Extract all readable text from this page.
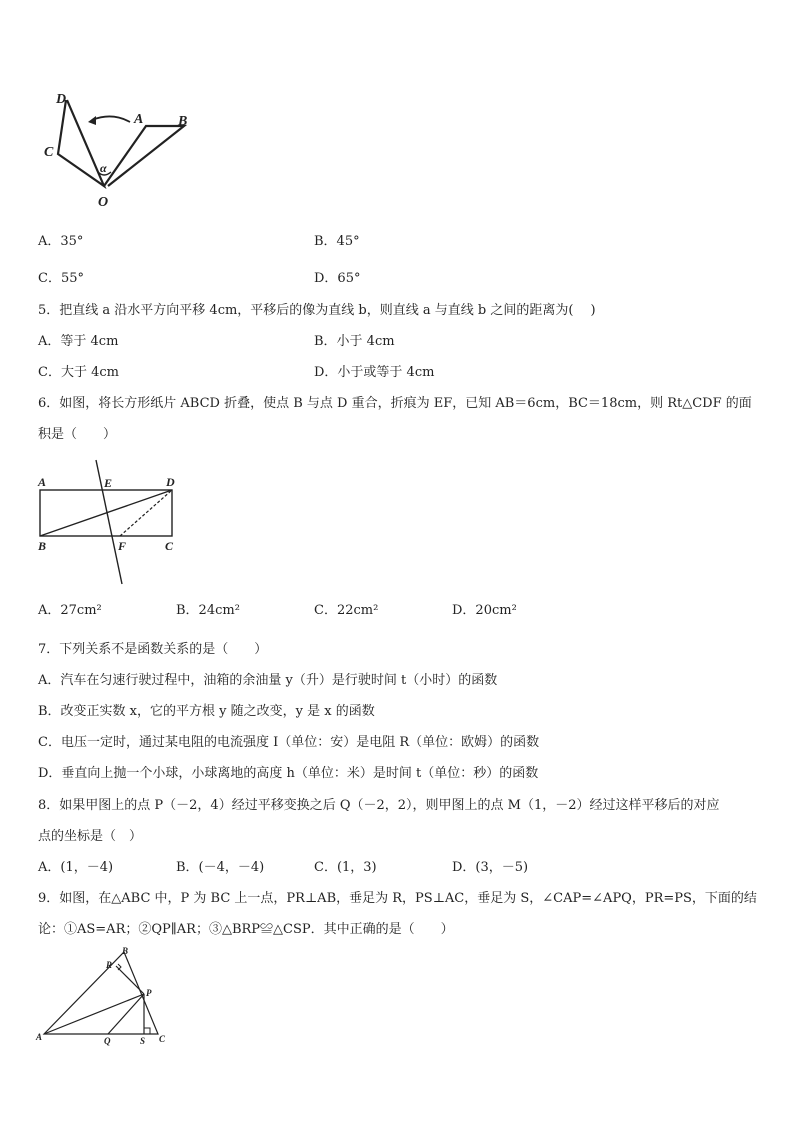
D
A B
C
O
α
A．35°	B．45°
C．55°	D．65°
5．把直线 a 沿水平方向平移 4cm，平移后的像为直线 b，则直线 a 与直线 b 之间的距离为(　 )
A．等于 4cm	B．小于 4cm
C．大于 4cm	D．小于或等于 4cm
6．如图，将长方形纸片 ABCD 折叠，使点 B 与点 D 重合，折痕为 EF，已知 AB＝6cm，BC＝18cm，则 Rt△CDF 的面
积是（　　）
A	E	D
B	F	C
A．27cm²	B．24cm²	C．22cm²	D．20cm²
7．下列关系不是函数关系的是（　　）
A．汽车在匀速行驶过程中，油箱的余油量 y（升）是行驶时间 t（小时）的函数
B．改变正实数 x，它的平方根 y 随之改变，y 是 x 的函数
C．电压一定时，通过某电阻的电流强度 I（单位：安）是电阻 R（单位：欧姆）的函数
D．垂直向上抛一个小球，小球离地的高度 h（单位：米）是时间 t（单位：秒）的函数
8．如果甲图上的点 P（－2，4）经过平移变换之后 Q（－2，2），则甲图上的点 M（1，－2）经过这样平移后的对应
点的坐标是（　）
A．(1，－4)	B．(－4，－4)	C．(1，3)	D．(3，－5)
9．如图，在△ABC 中，P 为 BC 上一点，PR⊥AB，垂足为 R，PS⊥AC，垂足为 S，∠CAP=∠APQ，PR=PS，下面的结
论：①AS=AR；②QP∥AR；③△BRP≌△CSP．其中正确的是（　　）
B
R
P
A	Q	S C
